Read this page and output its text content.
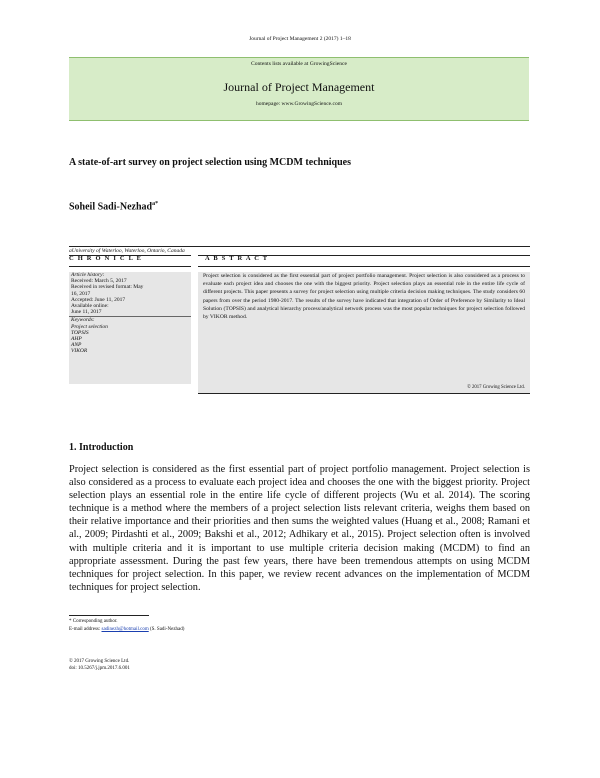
Journal of Project Management 2 (2017) 1–18
Contents lists available at GrowingScience
Journal of Project Management
homepage: www.GrowingScience.com
A state-of-art survey on project selection using MCDM techniques
Soheil Sadi-Nezhad$^{a*}$
aUniversity of Waterloo, Waterloo, Ontario, Canada
C H R O N I C L E	A B S T R A C T
Article history:
Received: March 5, 2017
Received in revised format: May
16, 2017
Accepted: June 11, 2017
Available online:
June 11, 2017
Keywords:
Project selection
TOPSIS
AHP
ANP
VIKOR
Project selection is considered as the first essential part of project portfolio management. Project selection is also considered as a process to evaluate each project idea and chooses the one with the biggest priority. Project selection plays an essential role in the entire life cycle of different projects. This paper presents a survey for project selection using multiple criteria decision making techniques. The study considers 60 papers from over the period 1980-2017. The results of the survey have indicated that integration of Order of Preference by Similarity to Ideal Solution (TOPSIS) and analytical hierarchy process/analytical network process was the most popular techniques for project selection followed by VIKOR method.
© 2017 Growing Science Ltd.
1. Introduction
Project selection is considered as the first essential part of project portfolio management. Project selection is also considered as a process to evaluate each project idea and chooses the one with the biggest priority. Project selection plays an essential role in the entire life cycle of different projects (Wu et al. 2014). The scoring technique is a method where the members of a project selection lists relevant criteria, weighs them based on their relative importance and their priorities and then sums the weighted values (Huang et al., 2008; Ramani et al., 2009; Pirdashti et al., 2009; Bakshi et al., 2012; Adhikary et al., 2015). Project selection often is involved with multiple criteria and it is important to use multiple criteria decision making (MCDM) to find an appropriate assessment. During the past few years, there have been tremendous attempts on using MCDM techniques for project selection. In this paper, we review recent advances on the implementation of MCDM techniques for project selection.
* Corresponding author.
E-mail address: sadinezh@hotmail.com (S. Sadi-Nezhad)
© 2017 Growing Science Ltd.
doi: 10.5267/j.jpm.2017.6.001
